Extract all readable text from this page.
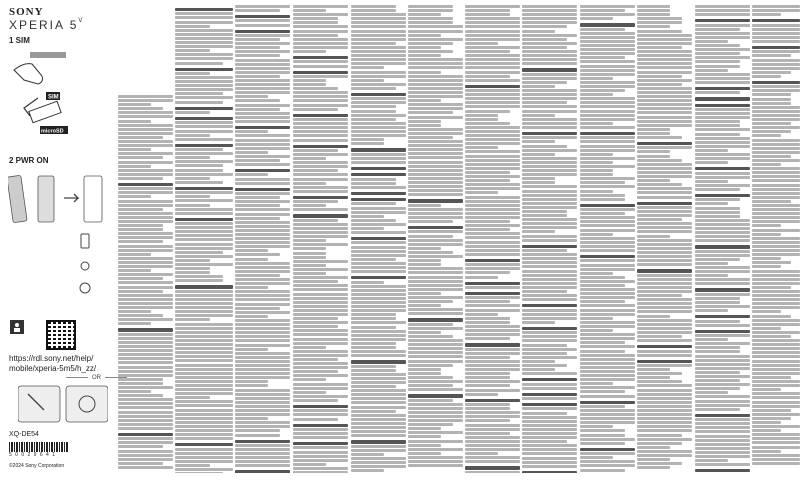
SONY
XPERIA $5^V$
1 SIM
SIM
microSD
2 PWR ON
https://rdl.sony.net/help/
mobile/xperia-5m5/h_zz/
OR
XQ-DE54
5 0 0 2 9 6 4 1
©2024 Sony Corporation
